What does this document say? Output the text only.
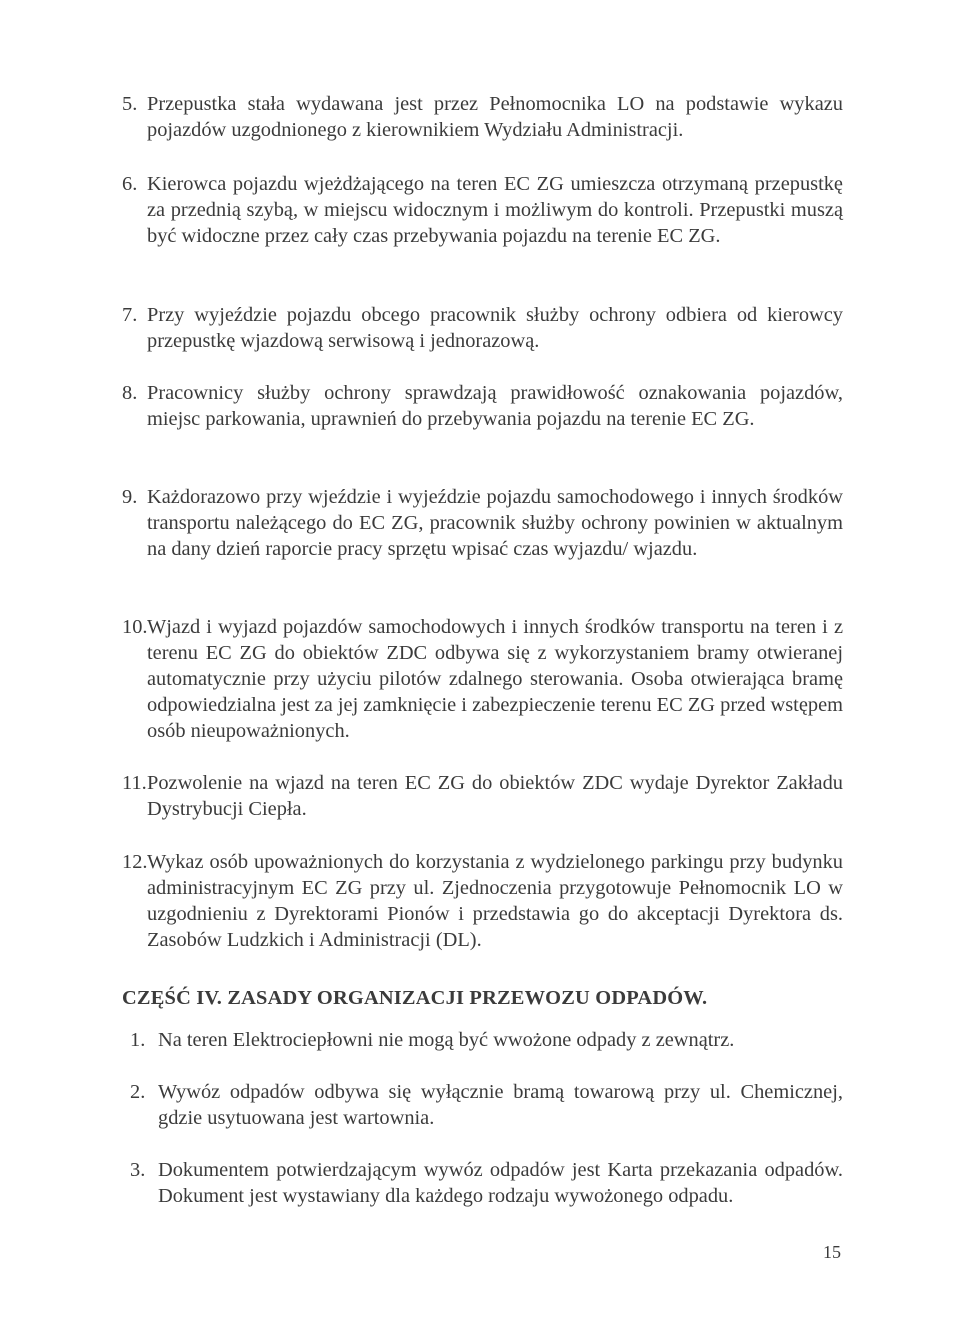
5. Przepustka stała wydawana jest przez Pełnomocnika LO na podstawie wykazu pojazdów uzgodnionego z kierownikiem Wydziału Administracji.
6. Kierowca pojazdu wjeżdżającego na teren EC ZG umieszcza otrzymaną przepustkę za przednią szybą, w miejscu widocznym i możliwym do kontroli. Przepustki muszą być widoczne przez cały czas przebywania pojazdu na terenie EC ZG.
7. Przy wyjeździe pojazdu obcego pracownik służby ochrony odbiera od kierowcy przepustkę wjazdową serwisową i jednorazową.
8. Pracownicy służby ochrony sprawdzają prawidłowość oznakowania pojazdów, miejsc parkowania, uprawnień do przebywania pojazdu na terenie EC ZG.
9. Każdorazowo przy wjeździe i wyjeździe pojazdu samochodowego i innych środków transportu należącego do EC ZG, pracownik służby ochrony powinien w aktualnym na dany dzień raporcie pracy sprzętu wpisać czas wyjazdu/ wjazdu.
10. Wjazd i wyjazd pojazdów samochodowych i innych środków transportu na teren i z terenu EC ZG do obiektów ZDC odbywa się z wykorzystaniem bramy otwieranej automatycznie przy użyciu pilotów zdalnego sterowania. Osoba otwierająca bramę odpowiedzialna jest za jej zamknięcie i zabezpieczenie terenu EC ZG przed wstępem osób nieupoważnionych.
11. Pozwolenie na wjazd na teren EC ZG do obiektów ZDC wydaje Dyrektor Zakładu Dystrybucji Ciepła.
12. Wykaz osób upoważnionych do korzystania z wydzielonego parkingu przy budynku administracyjnym EC ZG przy ul. Zjednoczenia przygotowuje Pełnomocnik LO w uzgodnieniu z Dyrektorami Pionów i przedstawia go do akceptacji Dyrektora ds. Zasobów Ludzkich i Administracji (DL).
CZĘŚĆ IV. ZASADY ORGANIZACJI PRZEWOZU ODPADÓW.
1. Na teren Elektrociepłowni nie mogą być wwożone odpady z zewnątrz.
2. Wywóz odpadów odbywa się wyłącznie bramą towarową przy ul. Chemicznej, gdzie usytuowana jest wartownia.
3. Dokumentem potwierdzającym wywóz odpadów jest Karta przekazania odpadów. Dokument jest wystawiany dla każdego rodzaju wywożonego odpadu.
15
